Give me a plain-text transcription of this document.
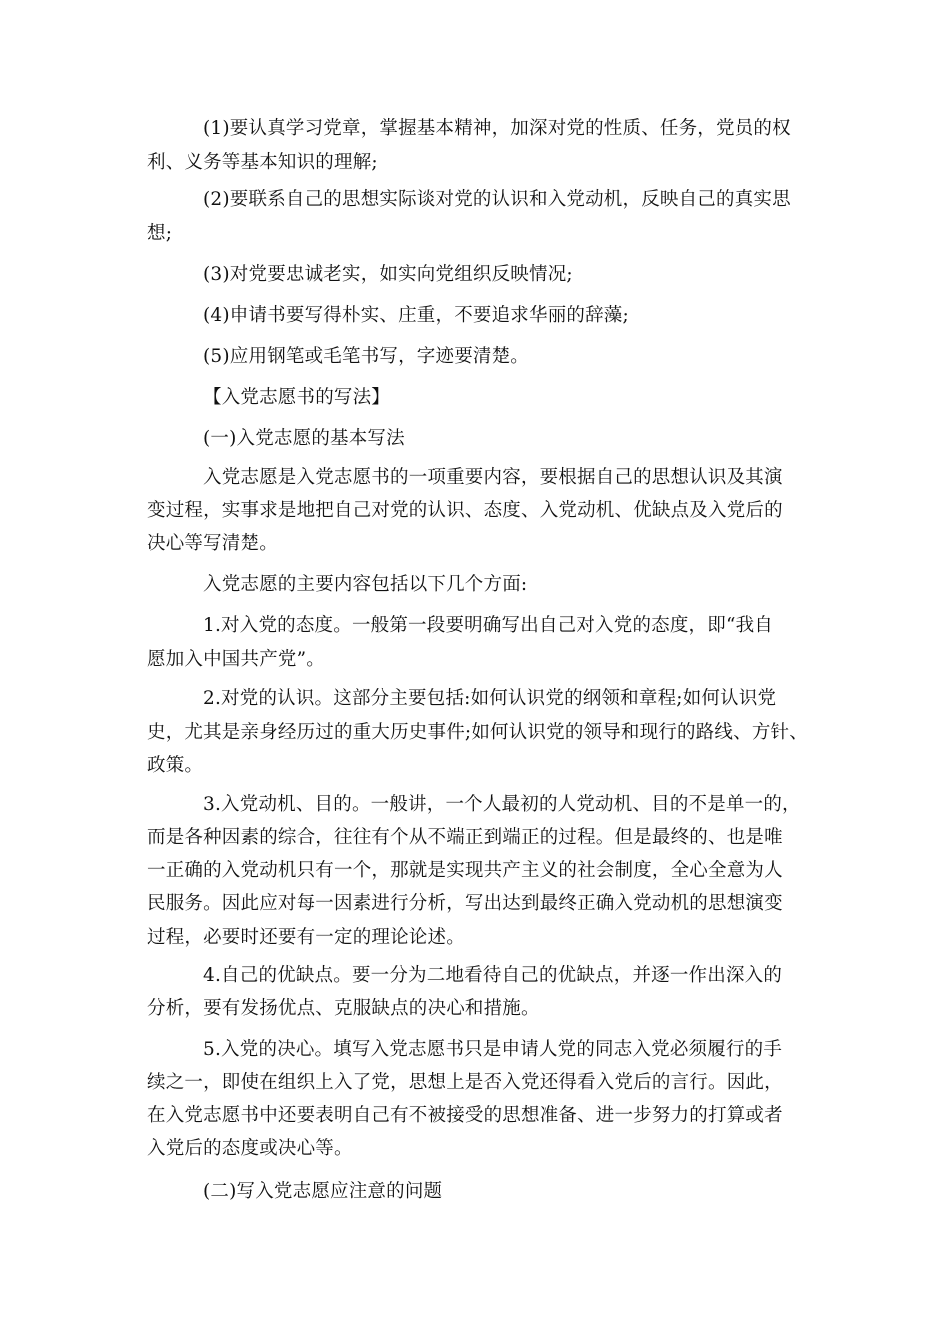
(1)要认真学习党章，掌握基本精神，加深对党的性质、任务，党员的权
利、义务等基本知识的理解;
(2)要联系自己的思想实际谈对党的认识和入党动机，反映自己的真实思
想;
(3)对党要忠诚老实，如实向党组织反映情况;
(4)申请书要写得朴实、庄重，不要追求华丽的辞藻;
(5)应用钢笔或毛笔书写，字迹要清楚。
【入党志愿书的写法】
(一)入党志愿的基本写法
入党志愿是入党志愿书的一项重要内容，要根据自己的思想认识及其演
变过程，实事求是地把自己对党的认识、态度、入党动机、优缺点及入党后的
决心等写清楚。
入党志愿的主要内容包括以下几个方面:
1.对入党的态度。一般第一段要明确写出自己对入党的态度，即“我自
愿加入中国共产党”。
2.对党的认识。这部分主要包括:如何认识党的纲领和章程;如何认识党
史，尤其是亲身经历过的重大历史事件;如何认识党的领导和现行的路线、方针、
政策。
3.入党动机、目的。一般讲，一个人最初的人党动机、目的不是单一的，
而是各种因素的综合，往往有个从不端正到端正的过程。但是最终的、也是唯
一正确的入党动机只有一个，那就是实现共产主义的社会制度，全心全意为人
民服务。因此应对每一因素进行分析，写出达到最终正确入党动机的思想演变
过程，必要时还要有一定的理论论述。
4.自己的优缺点。要一分为二地看待自己的优缺点，并逐一作出深入的
分析，要有发扬优点、克服缺点的决心和措施。
5.入党的决心。填写入党志愿书只是申请人党的同志入党必须履行的手
续之一，即使在组织上入了党，思想上是否入党还得看入党后的言行。因此，
在入党志愿书中还要表明自己有不被接受的思想准备、进一步努力的打算或者
入党后的态度或决心等。
(二)写入党志愿应注意的问题
